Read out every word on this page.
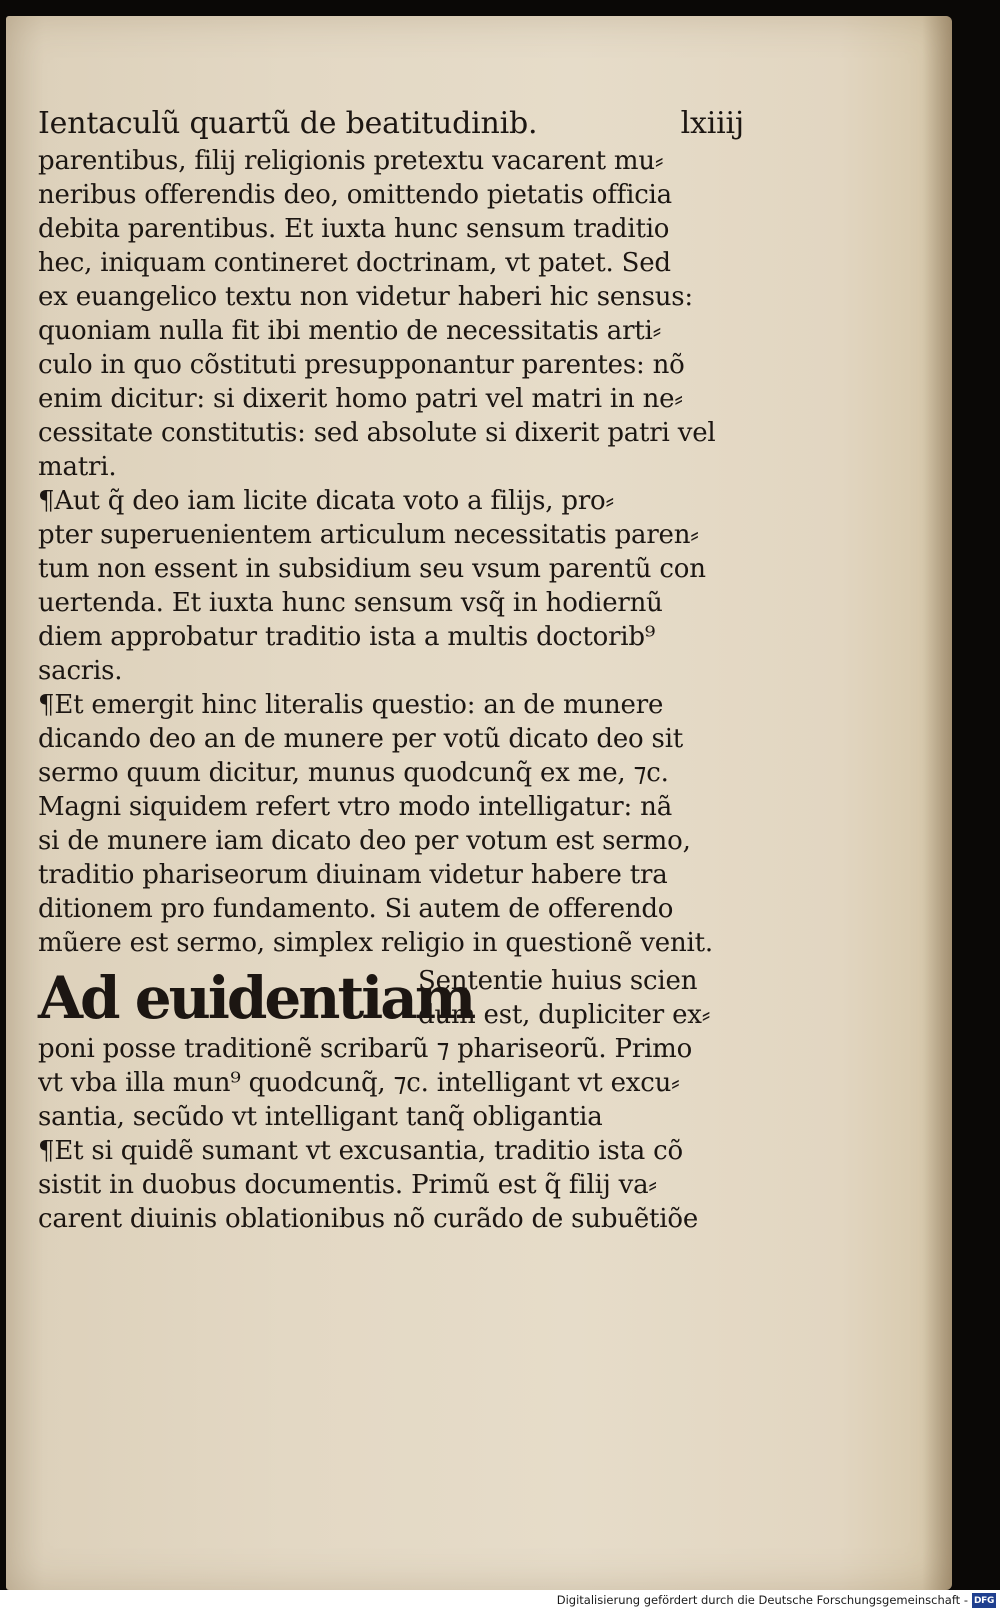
Ientaculũ quartũ de beatitudinib.	lxiiij
parentibus, filij religionis pretextu vacarent mu⸗
neribus offerendis deo, omittendo pietatis officia
debita parentibus. Et iuxta hunc sensum traditio
hec, iniquam contineret doctrinam, vt patet. Sed
ex euangelico textu non videtur haberi hic sensus:
quoniam nulla fit ibi mentio de necessitatis arti⸗
culo in quo cõstituti presupponantur parentes: nõ
enim dicitur: si dixerit homo patri vel matri in ne⸗
cessitate constitutis: sed absolute si dixerit patri vel
matri.
¶Aut q̃ deo iam licite dicata voto a filijs, pro⸗
pter superuenientem articulum necessitatis paren⸗
tum non essent in subsidium seu vsum parentũ con
uertenda. Et iuxta hunc sensum vsq̃ in hodiernũ
diem approbatur traditio ista a multis doctorib⁹
sacris.
¶Et emergit hinc literalis questio: an de munere
dicando deo an de munere per votũ dicato deo sit
sermo quum dicitur, munus quodcunq̃ ex me, ⁊c.
Magni siquidem refert vtro modo intelligatur: nã
si de munere iam dicato deo per votum est sermo,
traditio phariseorum diuinam videtur habere tra
ditionem pro fundamento. Si autem de offerendo
mũere est sermo, simplex religio in questionẽ venit.
Ad euidentiam
Sententie huius scien
dum est, dupliciter ex⸗
poni posse traditionẽ scribarũ ⁊ phariseorũ. Primo
vt vba illa mun⁹ quodcunq̃, ⁊c. intelligant vt excu⸗
santia, secũdo vt intelligant tanq̃ obligantia
¶Et si quidẽ sumant vt excusantia, traditio ista cõ
sistit in duobus documentis. Primũ est q̃ filij va⸗
carent diuinis oblationibus nõ curãdo de subuẽtiõe
Digitalisierung gefördert durch die Deutsche Forschungsgemeinschaft - DFG
